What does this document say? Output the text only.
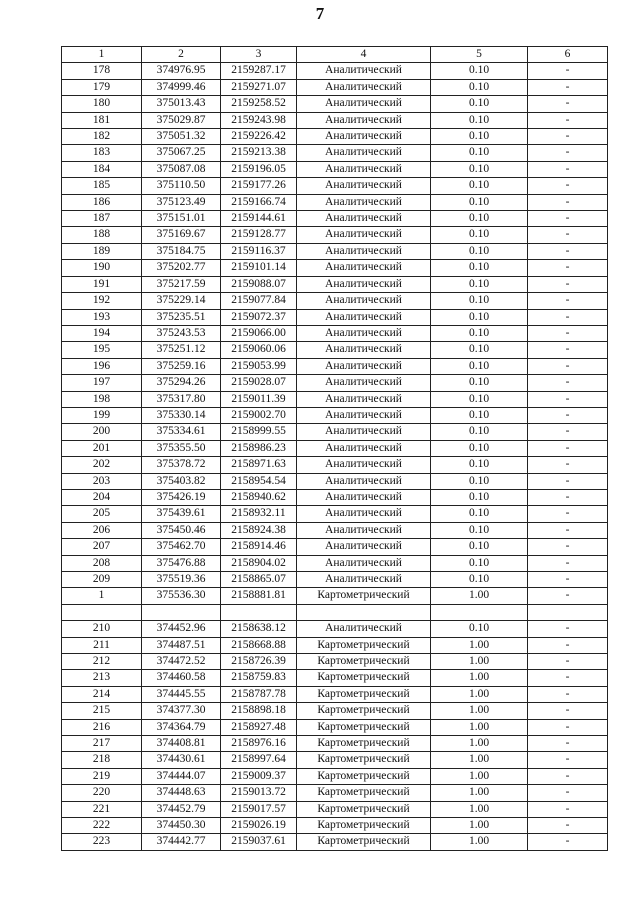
7
1	2	3	4	5	6
178	374976.95	2159287.17	Аналитический	0.10	-
179	374999.46	2159271.07	Аналитический	0.10	-
180	375013.43	2159258.52	Аналитический	0.10	-
181	375029.87	2159243.98	Аналитический	0.10	-
182	375051.32	2159226.42	Аналитический	0.10	-
183	375067.25	2159213.38	Аналитический	0.10	-
184	375087.08	2159196.05	Аналитический	0.10	-
185	375110.50	2159177.26	Аналитический	0.10	-
186	375123.49	2159166.74	Аналитический	0.10	-
187	375151.01	2159144.61	Аналитический	0.10	-
188	375169.67	2159128.77	Аналитический	0.10	-
189	375184.75	2159116.37	Аналитический	0.10	-
190	375202.77	2159101.14	Аналитический	0.10	-
191	375217.59	2159088.07	Аналитический	0.10	-
192	375229.14	2159077.84	Аналитический	0.10	-
193	375235.51	2159072.37	Аналитический	0.10	-
194	375243.53	2159066.00	Аналитический	0.10	-
195	375251.12	2159060.06	Аналитический	0.10	-
196	375259.16	2159053.99	Аналитический	0.10	-
197	375294.26	2159028.07	Аналитический	0.10	-
198	375317.80	2159011.39	Аналитический	0.10	-
199	375330.14	2159002.70	Аналитический	0.10	-
200	375334.61	2158999.55	Аналитический	0.10	-
201	375355.50	2158986.23	Аналитический	0.10	-
202	375378.72	2158971.63	Аналитический	0.10	-
203	375403.82	2158954.54	Аналитический	0.10	-
204	375426.19	2158940.62	Аналитический	0.10	-
205	375439.61	2158932.11	Аналитический	0.10	-
206	375450.46	2158924.38	Аналитический	0.10	-
207	375462.70	2158914.46	Аналитический	0.10	-
208	375476.88	2158904.02	Аналитический	0.10	-
209	375519.36	2158865.07	Аналитический	0.10	-
1	375536.30	2158881.81	Картометрический	1.00	-

210	374452.96	2158638.12	Аналитический	0.10	-
211	374487.51	2158668.88	Картометрический	1.00	-
212	374472.52	2158726.39	Картометрический	1.00	-
213	374460.58	2158759.83	Картометрический	1.00	-
214	374445.55	2158787.78	Картометрический	1.00	-
215	374377.30	2158898.18	Картометрический	1.00	-
216	374364.79	2158927.48	Картометрический	1.00	-
217	374408.81	2158976.16	Картометрический	1.00	-
218	374430.61	2158997.64	Картометрический	1.00	-
219	374444.07	2159009.37	Картометрический	1.00	-
220	374448.63	2159013.72	Картометрический	1.00	-
221	374452.79	2159017.57	Картометрический	1.00	-
222	374450.30	2159026.19	Картометрический	1.00	-
223	374442.77	2159037.61	Картометрический	1.00	-
